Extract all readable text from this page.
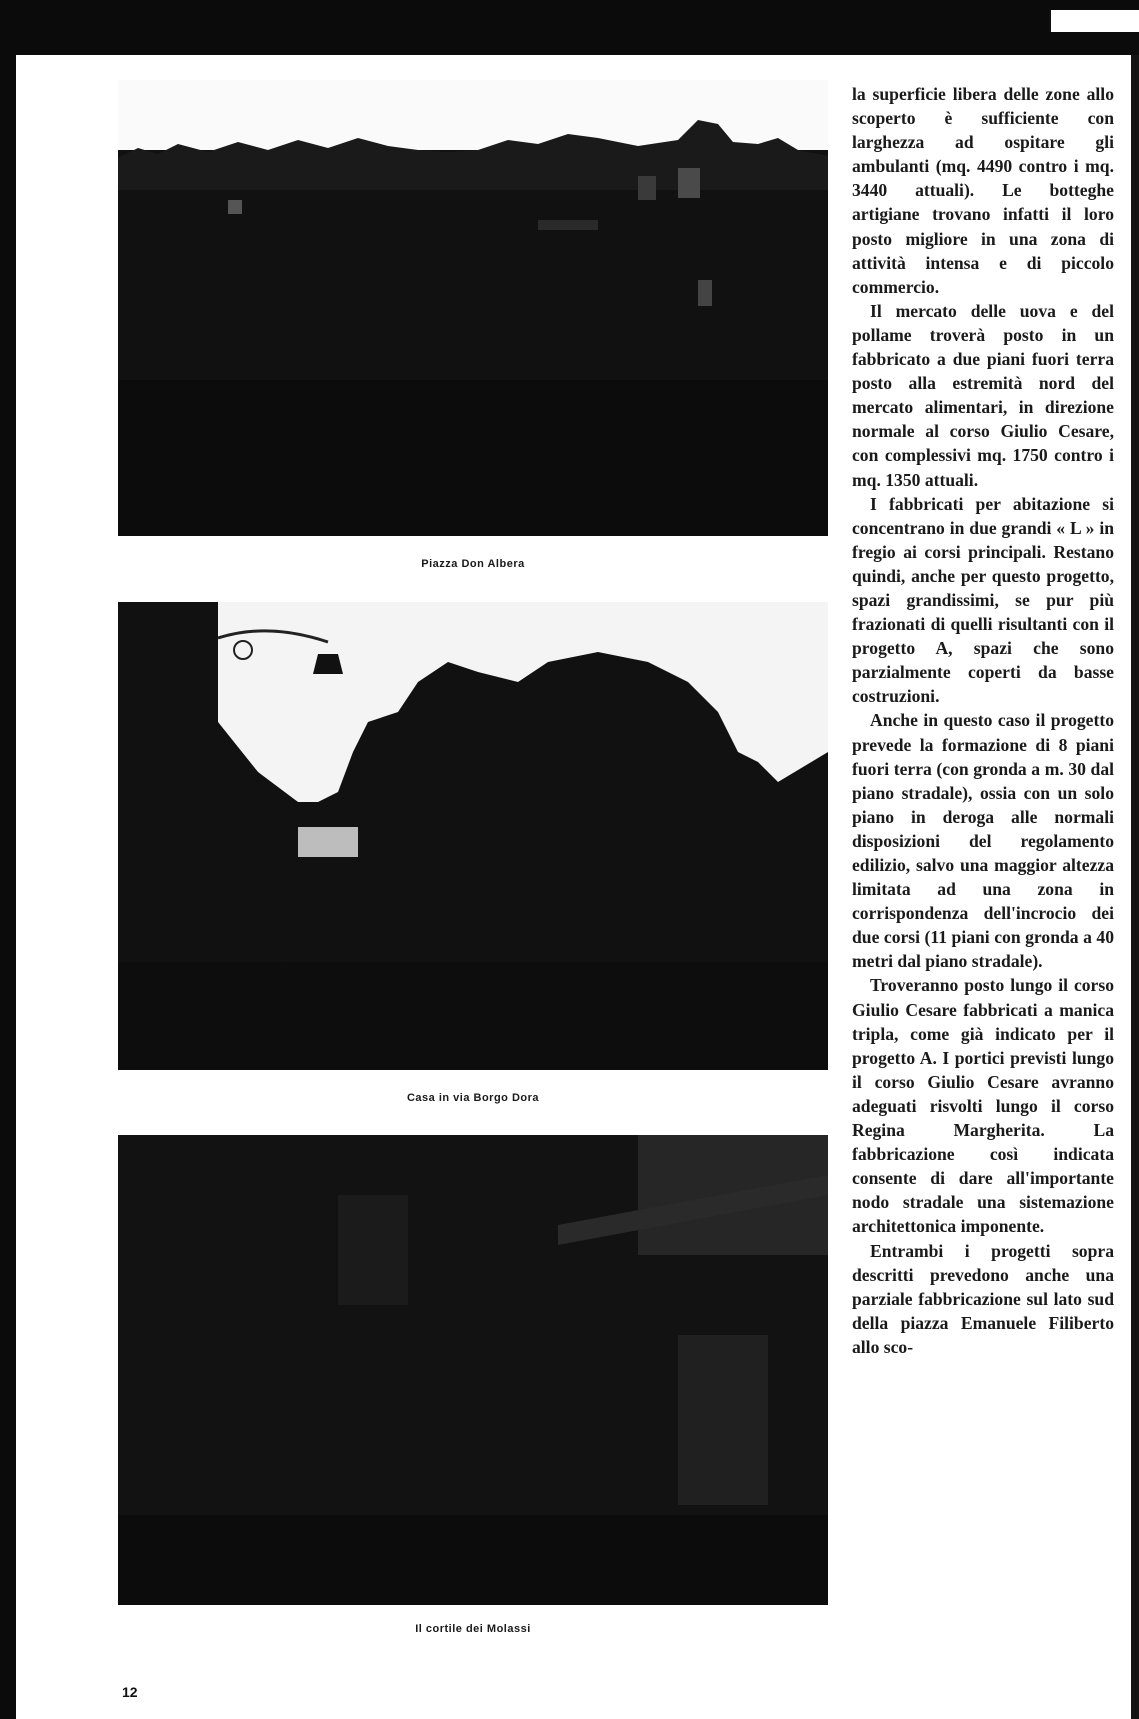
Piazza Don Albera
Casa in via Borgo Dora
Il cortile dei Molassi

la superficie libera delle zone allo scoperto è sufficiente con larghezza ad ospitare gli ambulanti (mq. 4490 contro i mq. 3440 attuali). Le botteghe artigiane trovano infatti il loro posto migliore in una zona di attività intensa e di piccolo commercio.

Il mercato delle uova e del pollame troverà posto in un fabbricato a due piani fuori terra posto alla estremità nord del mercato alimentari, in direzione normale al corso Giulio Cesare, con complessivi mq. 1750 contro i mq. 1350 attuali.

I fabbricati per abitazione si concentrano in due grandi « L » in fregio ai corsi principali. Restano quindi, anche per questo progetto, spazi grandissimi, se pur più frazionati di quelli risultanti con il progetto A, spazi che sono parzialmente coperti da basse costruzioni.

Anche in questo caso il progetto prevede la formazione di 8 piani fuori terra (con gronda a m. 30 dal piano stradale), ossia con un solo piano in deroga alle normali disposizioni del regolamento edilizio, salvo una maggior altezza limitata ad una zona in corrispondenza dell'incrocio dei due corsi (11 piani con gronda a 40 metri dal piano stradale).

Troveranno posto lungo il corso Giulio Cesare fabbricati a manica tripla, come già indicato per il progetto A. I portici previsti lungo il corso Giulio Cesare avranno adeguati risvolti lungo il corso Regina Margherita. La fabbricazione così indicata consente di dare all'importante nodo stradale una sistemazione architettonica imponente.

Entrambi i progetti sopra descritti prevedono anche una parziale fabbricazione sul lato sud della piazza Emanuele Filiberto allo sco-

12
